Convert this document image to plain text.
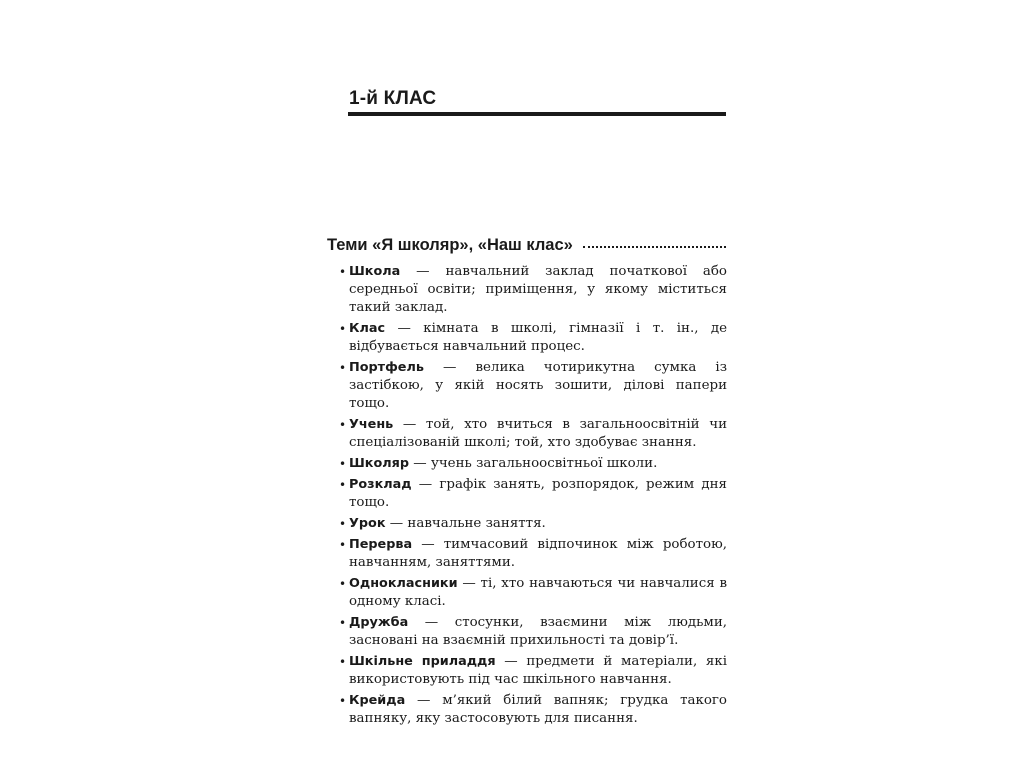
1-й КЛАС
Теми «Я школяр», «Наш клас»
• Школа — навчальний заклад початкової або середньої освіти; приміщення, у якому міститься такий заклад.
• Клас — кімната в школі, гімназії і т. ін., де відбувається навчальний процес.
• Портфель — велика чотирикутна сумка із застібкою, у якій носять зошити, ділові папери тощо.
• Учень — той, хто вчиться в загальноосвітній чи спеціалізованій школі; той, хто здобуває знання.
• Школяр — учень загальноосвітньої школи.
• Розклад — графік занять, розпорядок, режим дня тощо.
• Урок — навчальне заняття.
• Перерва — тимчасовий відпочинок між роботою, навчанням, заняттями.
• Однокласники — ті, хто навчаються чи навчалися в одному класі.
• Дружба — стосунки, взаємини між людьми, засновані на взаємній прихильності та довір’ї.
• Шкільне приладдя — предмети й матеріали, які використовують під час шкільного навчання.
• Крейда — м’який білий вапняк; грудка такого вапняку, яку застосовують для писання.
